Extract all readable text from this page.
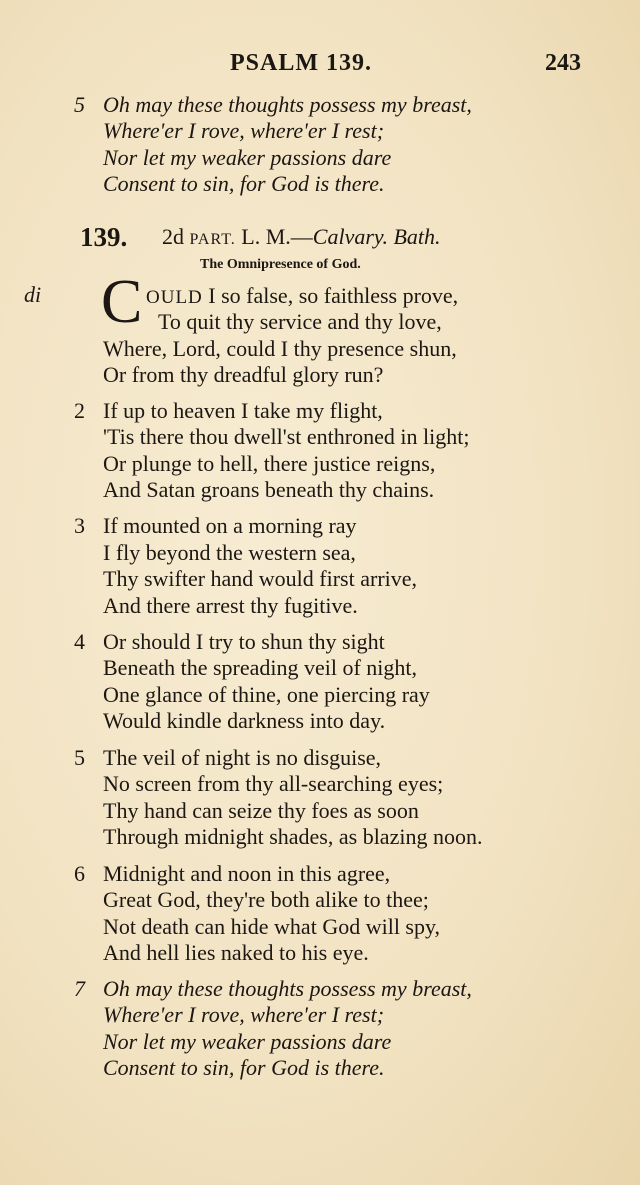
PSALM 139.	243
5 Oh may these thoughts possess my breast,
Where'er I rove, where'er I rest;
Nor let my weaker passions dare
Consent to sin, for God is there.
139. 2d PART. L. M.—Calvary. Bath.
The Omnipresence of God.
di C OULD I so false, so faithless prove,
To quit thy service and thy love,
Where, Lord, could I thy presence shun,
Or from thy dreadful glory run?
2 If up to heaven I take my flight,
'Tis there thou dwell'st enthroned in light;
Or plunge to hell, there justice reigns,
And Satan groans beneath thy chains.
3 If mounted on a morning ray
I fly beyond the western sea,
Thy swifter hand would first arrive,
And there arrest thy fugitive.
4 Or should I try to shun thy sight
Beneath the spreading veil of night,
One glance of thine, one piercing ray
Would kindle darkness into day.
5 The veil of night is no disguise,
No screen from thy all-searching eyes;
Thy hand can seize thy foes as soon
Through midnight shades, as blazing noon.
6 Midnight and noon in this agree,
Great God, they're both alike to thee;
Not death can hide what God will spy,
And hell lies naked to his eye.
7 Oh may these thoughts possess my breast,
Where'er I rove, where'er I rest;
Nor let my weaker passions dare
Consent to sin, for God is there.
